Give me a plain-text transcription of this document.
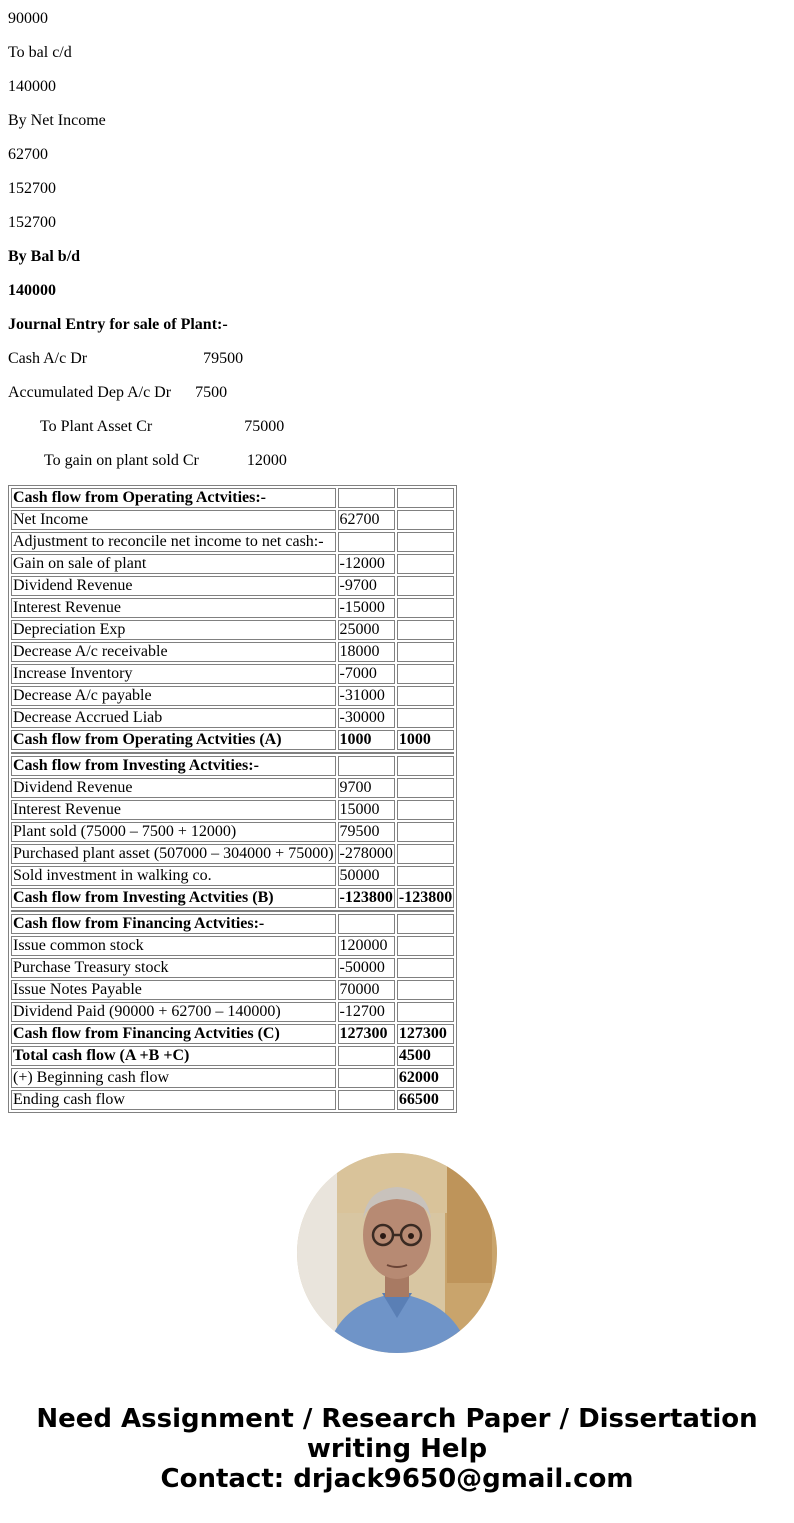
90000

To bal c/d

140000

By Net Income

62700

152700

152700

By Bal b/d

140000

Journal Entry for sale of Plant:-

Cash A/c Dr	79500

Accumulated Dep A/c Dr 7500

To Plant Asset Cr	75000

To gain on plant sold Cr	12000

Cash flow from Operating Actvities:-		
Net Income	62700	
Adjustment to reconcile net income to net cash:-		
Gain on sale of plant	-12000	
Dividend Revenue	-9700	
Interest Revenue	-15000	
Depreciation Exp	25000	
Decrease A/c receivable	18000	
Increase Inventory	-7000	
Decrease A/c payable	-31000	
Decrease Accrued Liab	-30000	
Cash flow from Operating Actvities (A)	1000	1000

Cash flow from Investing Actvities:-		
Dividend Revenue	9700	
Interest Revenue	15000	
Plant sold (75000 – 7500 + 12000)	79500	
Purchased plant asset (507000 – 304000 + 75000)	-278000	
Sold investment in walking co.	50000	
Cash flow from Investing Actvities (B)	-123800	-123800

Cash flow from Financing Actvities:-		
Issue common stock	120000	
Purchase Treasury stock	-50000	
Issue Notes Payable	70000	
Dividend Paid (90000 + 62700 – 140000)	-12700	
Cash flow from Financing Actvities (C)	127300	127300
Total cash flow (A +B +C)		4500
(+) Beginning cash flow		62000
Ending cash flow		66500
Need Assignment / Research Paper / Dissertation
writing Help
Contact: drjack9650@gmail.com
